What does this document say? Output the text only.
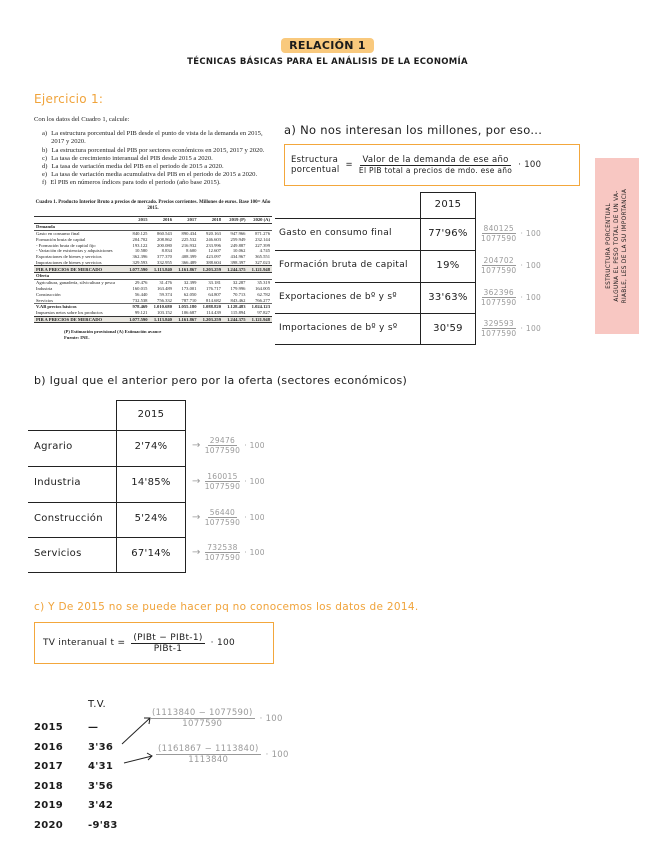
RELACIÓN 1
TÉCNICAS BÁSICAS PARA EL ANÁLISIS DE LA ECONOMÍA
Ejercicio 1:
Con los datos del Cuadro 1, calcule:
a) La estructura porcentual del PIB desde el punto de vista de la demanda en 2015, 2017 y 2020.
b) La estructura porcentual del PIB por sectores económicos en 2015, 2017 y 2020.
c) La tasa de crecimiento interanual del PIB desde 2015 a 2020.
d) La tasa de variación media del PIB en el periodo de 2015 a 2020.
e) La tasa de variación media acumulativa del PIB en el periodo de 2015 a 2020.
f) El PIB en números índices para todo el periodo (año base 2015).
Cuadro 1. Producto Interior Bruto a precios de mercado. Precios corrientes. Millones de euros. Base 100= Año 2015.
	2015	2016	2017	2018	2019 (P)	2020 (A)
Demanda						
Gasto en consumo final	840.125	860.543	890.434	920.163	947.966	871.276
Formación bruta de capital	204.702	208.862	225.532	246.603	259.949	232.144
- Formación bruta de capital fijo	193.122	200.080	216.932	233.996	249.887	227.399
- Variación de existencias y adquisiciones	10.580	8.834	8.600	12.607	10.062	4.745
Exportaciones de bienes y servicios	362.396	377.370	408.399	423.097	434.967	365.551
Importaciones de bienes y servicios	329.593	332.955	366.489	388.604	398.397	327.023
PIB A PRECIOS DE MERCADO	1.077.590	1.113.840	1.161.867	1.203.259	1.244.375	1.121.948
Oferta						
Agricultura, ganadería, silvicultura y pesca	29.476	31.476	32.399	33.181	32.287	35.319
Industria	160.015	163.489	173.001	176.717	179.996	164.005
Construcción	56.440	59.374	62.050	64.807	70.713	62.782
Servicios	732.538	756.332	787.710	814.682	843.462	766.277
V.AB precios básicos	978.469	1.010.680	1.055.180	1.088.820	1.128.483	1.024.123
Impuestos netos sobre los productos	99.121	103.152	106.687	114.439	115.894	97.827
PIB A PRECIOS DE MERCADO	1.077.590	1.113.840	1.161.867	1.203.259	1.244.375	1.121.948
(P) Estimación provisional (A) Estimación avance
Fuente: INE.
a) No nos interesan los millones, por eso...
Estructura
porcentual = $\frac{\text{Valor de la demanda de ese año}}{\text{El PIB total a precios de mdo. ese año}} \cdot 100$
2015
Gasto en consumo final	77'96%	$\frac{840125}{1077590} \cdot 100$
Formación bruta de capital	19%	$\frac{204702}{1077590} \cdot 100$
Exportaciones de bº y sº	33'63%	$\frac{362396}{1077590} \cdot 100$
Importaciones de bº y sº	30'59	$\frac{329593}{1077590} \cdot 100$
ESTRUCTURA PORCENTUAL ALGUNA EL PESO TOTAL DE UN VA- RIABLE, LES DE LA SU IMPORTANCIA
b) Igual que el anterior pero por la oferta (sectores económicos)
2015
Agrario	2'74%	→ $\frac{29476}{1077590} \cdot 100$
Industria	14'85%	→ $\frac{160015}{1077590} \cdot 100$
Construcción	5'24%	→ $\frac{56440}{1077590} \cdot 100$
Servicios	67'14%	→ $\frac{732538}{1077590} \cdot 100$
c) Y De 2015 no se puede hacer pq no conocemos los datos de 2014.
TV interanual $t = \frac{\text{(PIBt − PIBt-1)}}{\text{PIBt-1}} \cdot 100$
T.V.
2015	—
2016	3'36
2017	4'31
2018	3'56
2019	3'42
2020	-9'83
$\frac{(1113840 - 1077590)}{1077590} \cdot 100$
$\frac{(1161867 - 1113840)}{1113840} \cdot 100$
